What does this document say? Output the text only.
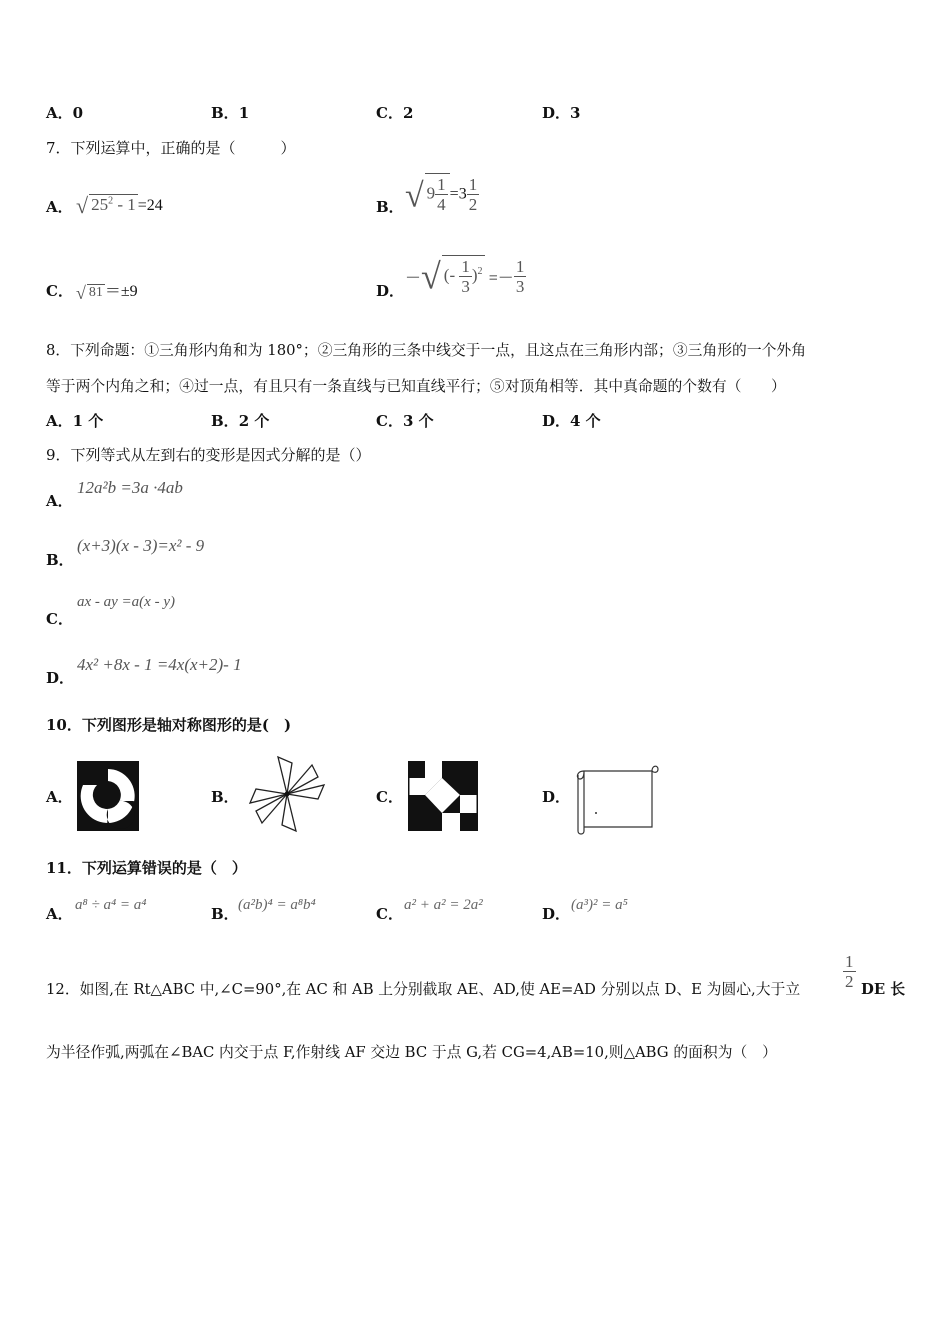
A．0	B．1	C．2	D．3
7．下列运算中，正确的是（　　　）
A． √ $25^2 - 1 =24$	B． √ $9 \frac{1}{4} =3 \frac{1}{2}$
C． √ 81 ＝±9	D．
－√ (- $\frac{1}{3} )^2 =- \frac{1}{3}$
8．下列命题：①三角形内角和为 180°；②三角形的三条中线交于一点，且这点在三角形内部；③三角形的一个外角
等于两个内角之和；④过一点，有且只有一条直线与已知直线平行；⑤对顶角相等．其中真命题的个数有（　　）
A．1 个	B．2 个	C．3 个	D．4 个
9．下列等式从左到右的变形是因式分解的是（）
A．
12a²b =3a ·4ab
B．
(x+3)(x - 3)=x² - 9
C．
ax - ay =a(x - y)
D．
4x² +8x - 1 =4x(x+2)- 1
10．下列图形是轴对称图形的是(　)
A．	B．	C．	D．
11．下列运算错误的是（　）
A． a⁸ ÷ a⁴ = a⁴	B． (a²b)⁴ = a⁸b⁴	C． a² + a² = 2a²	D． (a³)² = a⁵
12．如图,在 Rt△ABC 中,∠C=90°,在 AC 和 AB 上分别截取 AE、AD,使 AE=AD 分别以点 D、E 为圆心,大于立	$\frac{1}{2}$ DE 长
为半径作弧,两弧在∠BAC 内交于点 F,作射线 AF 交边 BC 于点 G,若 CG=4,AB=10,则△ABG 的面积为（　）
